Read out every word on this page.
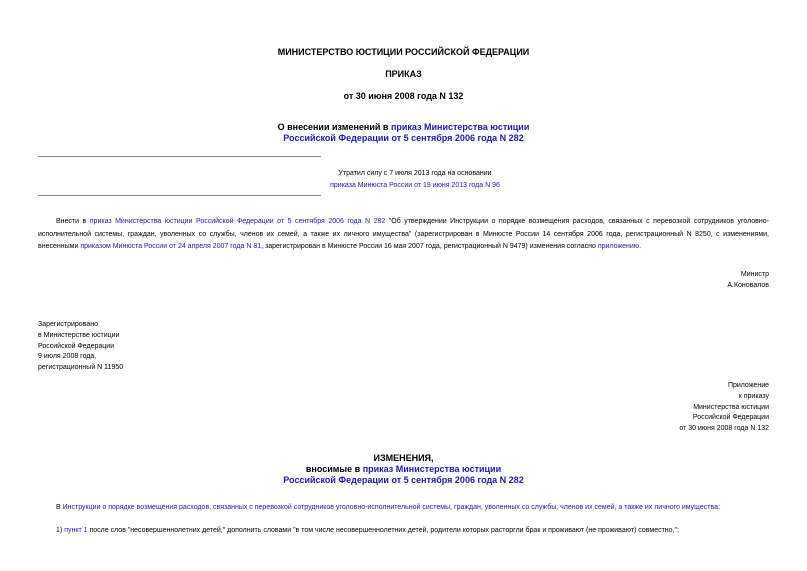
МИНИСТЕРСТВО ЮСТИЦИИ РОССИЙСКОЙ ФЕДЕРАЦИИ
ПРИКАЗ
от 30 июня 2008 года N 132
О внесении изменений в приказ Министерства юстиции
Российской Федерации от 5 сентября 2006 года N 282
Утратил силу с 7 июля 2013 года на основании
приказа Минюста России от 19 июня 2013 года N 96
Внести в приказ Министерства юстиции Российской Федерации от 5 сентября 2006 года N 282 "Об утверждении Инструкции о порядке возмещения расходов, связанных с перевозкой сотрудников уголовно-исполнительной системы, граждан, уволенных со службы, членов их семей, а также их личного имущества" (зарегистрирован в Минюсте России 14 сентября 2006 года, регистрационный N 8250, с изменениями, внесенными приказом Минюста России от 24 апреля 2007 года N 81, зарегистрирован в Минюсте России 16 мая 2007 года, регистрационный N 9479) изменения согласно приложению.
Министр
А.Коновалов
Зарегистрировано
в Министерстве юстиции
Российской Федерации
9 июля 2008 года,
регистрационный N 11950
Приложение
к приказу
Министерства юстиции
Российской Федерации
от 30 июня 2008 года N 132
ИЗМЕНЕНИЯ,
вносимые в приказ Министерства юстиции
Российской Федерации от 5 сентября 2006 года N 282
В Инструкции о порядке возмещения расходов, связанных с перевозкой сотрудников уголовно-исполнительной системы, граждан, уволенных со службы, членов их семей, а также их личного имущества:
1) пункт 1 после слов "несовершеннолетних детей," дополнить словами "в том числе несовершеннолетних детей, родители которых расторгли брак и проживают (не проживают) совместно,";
